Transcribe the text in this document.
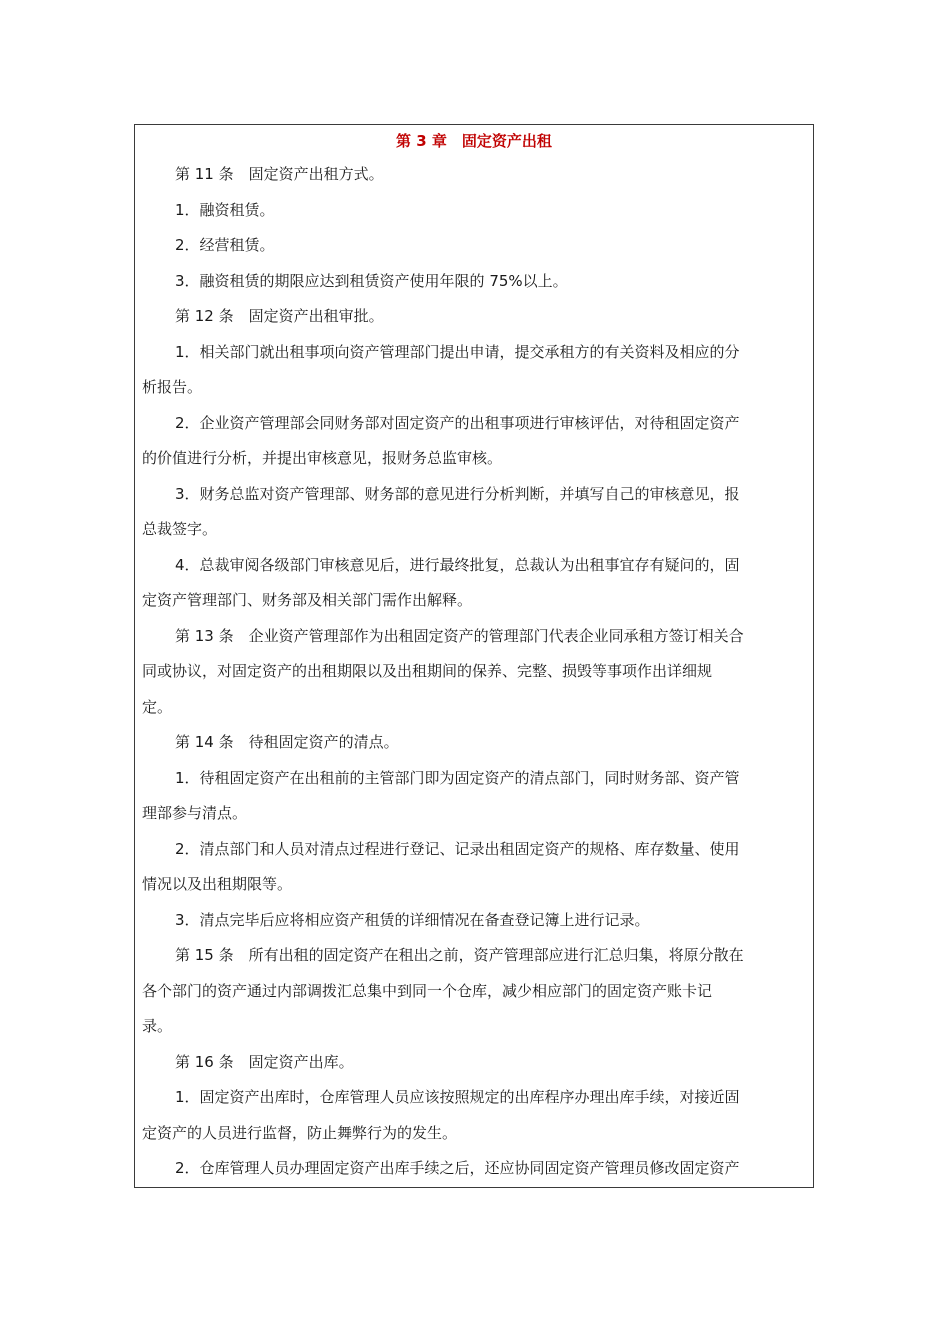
第 3 章　固定资产出租
第 11 条　固定资产出租方式。
1．融资租赁。
2．经营租赁。
3．融资租赁的期限应达到租赁资产使用年限的 75%以上。
第 12 条　固定资产出租审批。
1．相关部门就出租事项向资产管理部门提出申请，提交承租方的有关资料及相应的分
析报告。
2．企业资产管理部会同财务部对固定资产的出租事项进行审核评估，对待租固定资产
的价值进行分析，并提出审核意见，报财务总监审核。
3．财务总监对资产管理部、财务部的意见进行分析判断，并填写自己的审核意见，报
总裁签字。
4．总裁审阅各级部门审核意见后，进行最终批复，总裁认为出租事宜存有疑问的，固
定资产管理部门、财务部及相关部门需作出解释。
第 13 条　企业资产管理部作为出租固定资产的管理部门代表企业同承租方签订相关合
同或协议，对固定资产的出租期限以及出租期间的保养、完整、损毁等事项作出详细规
定。
第 14 条　待租固定资产的清点。
1．待租固定资产在出租前的主管部门即为固定资产的清点部门，同时财务部、资产管
理部参与清点。
2．清点部门和人员对清点过程进行登记、记录出租固定资产的规格、库存数量、使用
情况以及出租期限等。
3．清点完毕后应将相应资产租赁的详细情况在备查登记簿上进行记录。
第 15 条　所有出租的固定资产在租出之前，资产管理部应进行汇总归集，将原分散在
各个部门的资产通过内部调拨汇总集中到同一个仓库，减少相应部门的固定资产账卡记
录。
第 16 条　固定资产出库。
1．固定资产出库时，仓库管理人员应该按照规定的出库程序办理出库手续，对接近固
定资产的人员进行监督，防止舞弊行为的发生。
2．仓库管理人员办理固定资产出库手续之后，还应协同固定资产管理员修改固定资产
